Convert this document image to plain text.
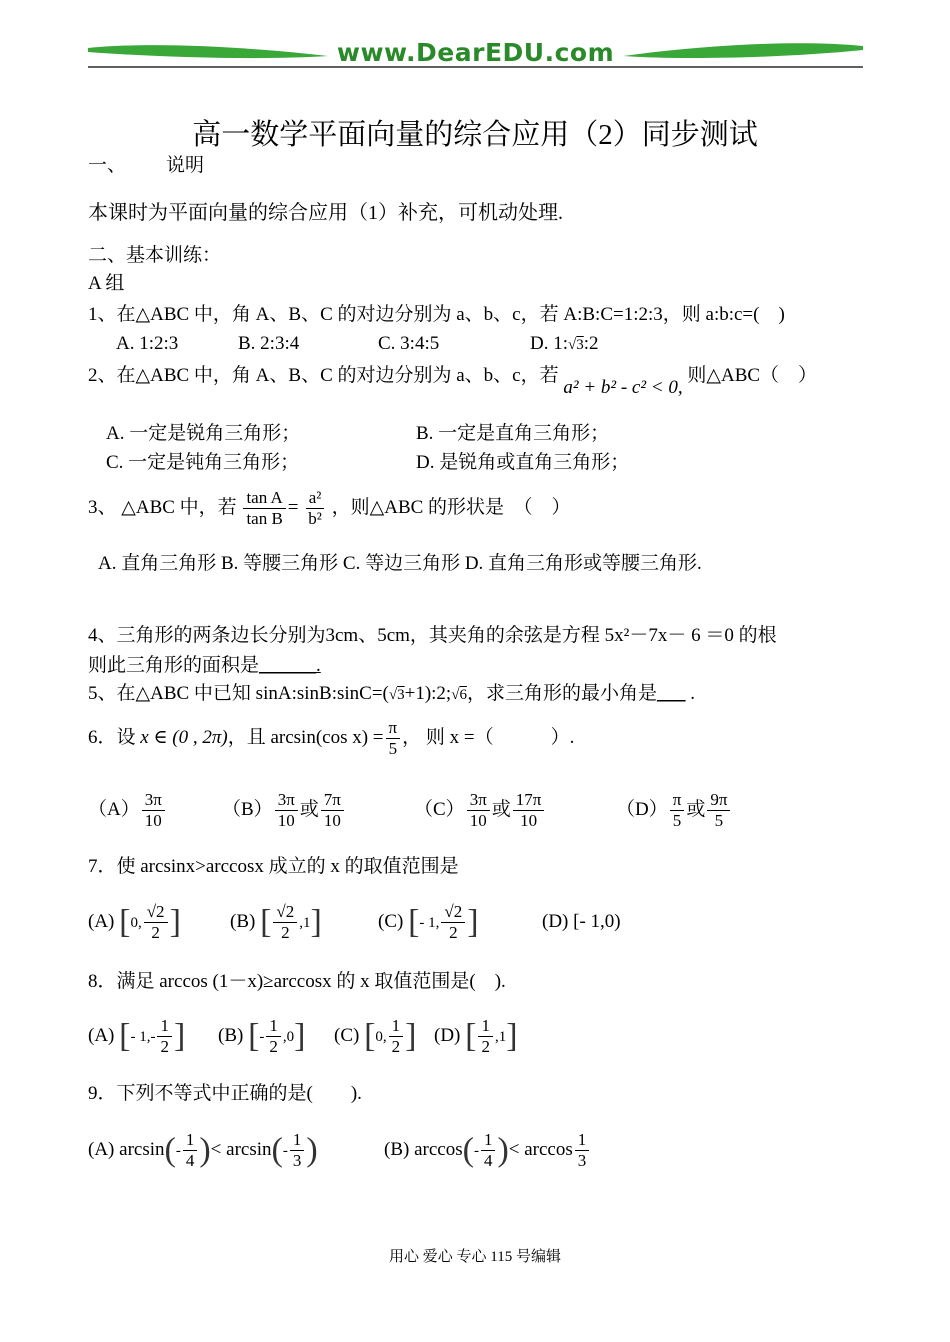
www.DearEDU.com
高一数学平面向量的综合应用（2）同步测试
一、 说明
本课时为平面向量的综合应用（1）补充，可机动处理.
二、基本训练：
A 组
1、在△ABC 中，角 A、B、C 的对边分别为 a、b、c，若 A:B:C=1:2:3，则 a:b:c=(　)
A. 1:2:3	B. 2:3:4	C. 3:4:5	D. 1:√3:2
2、在△ABC 中，角 A、B、C 的对边分别为 a、b、c，若 a² + b² - c² < 0, 则△ABC（　）
A. 一定是锐角三角形；	B. 一定是直角三角形；
C. 一定是钝角三角形；	D. 是锐角或直角三角形；
3、 △ABC 中，若 $\frac{\text{tan A}}{\text{tan B}} = \frac{\text{a²}}{\text{b²}}$ ，则△ABC 的形状是　（　）
A. 直角三角形 B. 等腰三角形 C. 等边三角形 D. 直角三角形或等腰三角形.
4、三角形的两条边长分别为3cm、5cm，其夹角的余弦是方程 5x²－7x－ 6 ＝0 的根
则此三角形的面积是______.
5、在△ABC 中已知 sinA:sinB:sinC=(√3+1):2;√6，求三角形的最小角是___ .
6．设 x ∈ (0 , 2π)，且 arcsin(cos $x) = \frac{\pi}{5}$ ， 则 x =（　　　）.
$(A) \frac{3\pi}{10}$	$(B) \frac{3\pi}{10}$ 或 $\frac{7\pi}{10}$	$(C) \frac{3\pi}{10}$ 或 $\frac{17\pi}{10}$	$(D) \frac{\pi}{5}$ 或 $\frac{9\pi}{5}$
7．使 arcsinx>arccosx 成立的 x 的取值范围是
(A) [0, $\frac{√2}{2}$ ]	(B) [ $\frac{√2}{2} ,1$]	(C) [- 1, $\frac{√2}{2}$ ]	(D) [- 1,0)
8．满足 arccos (1－x)≥arccosx 的 x 取值范围是(　).
(A) [- $1,- \frac{1}{2}$ ] (B) [- $\frac{1}{2} ,0$] (C) [0, $\frac{1}{2}$ ] (D) [ $\frac{1}{2} ,1$]
9．下列不等式中正确的是(　　).
(A) $\arcsin(- \frac{1}{4}$ )< $\arcsin(- \frac{1}{3}$ )	(B) $\arccos(- \frac{1}{4}$ )< $\arccos \frac{1}{3}$
用心 爱心 专心 115 号编辑
